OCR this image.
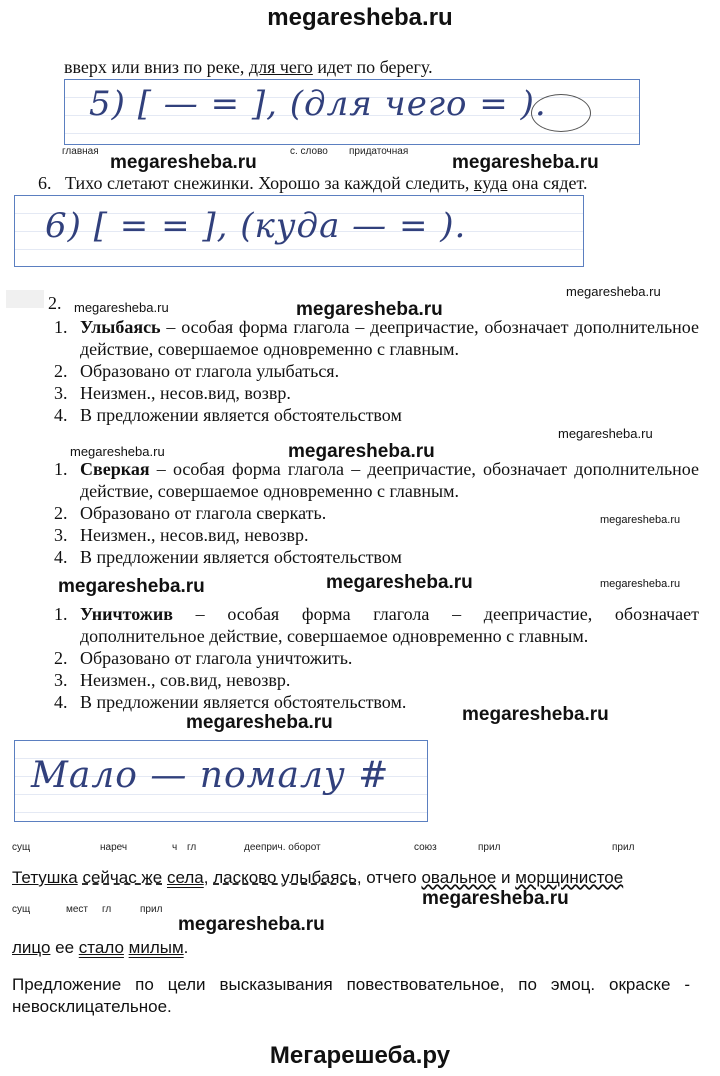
megaresheba.ru
вверх или вниз по реке, для чего идет по берегу.
5) [ — = ], (для чего = ).
главная	с. слово придаточная
megaresheba.ru	megaresheba.ru
6. Тихо слетают снежинки. Хорошо за каждой следить, куда она сядет.
6) [ = = ], (куда — = ).
2. megaresheba.ru	megaresheba.ru
megaresheba.ru
1. Улыбаясь – особая форма глагола – деепричастие, обозначает дополнительное действие, совершаемое одновременно с главным.
2. Образовано от глагола улыбаться.
3. Неизмен., несов.вид, возвр.
4. В предложении является обстоятельством
megaresheba.ru	megaresheba.ru
megaresheba.ru
1. Сверкая – особая форма глагола – деепричастие, обозначает дополнительное действие, совершаемое одновременно с главным.
2. Образовано от глагола сверкать.
3. Неизмен., несов.вид, невозвр.
4. В предложении является обстоятельством
megaresheba.ru
megaresheba.ru	megaresheba.ru	megaresheba.ru
1. Уничтожив – особая форма глагола – деепричастие, обозначает дополнительное действие, совершаемое одновременно с главным.
2. Образовано от глагола уничтожить.
3. Неизмен., сов.вид, невозвр.
4. В предложении является обстоятельством.
megaresheba.ru	megaresheba.ru
Мало — помалу #
сущ	нареч	ч гл	дееприч. оборот	союз	прил	прил
Тетушка сейчас же села, ласково улыбаясь, отчего овальное и морщинистое
сущ	мест гл	прил
megaresheba.ru
megaresheba.ru
лицо ее стало милым.
Предложение по цели высказывания повествовательное, по эмоц. окраске - невосклицательное.
Мегарешеба.ру
